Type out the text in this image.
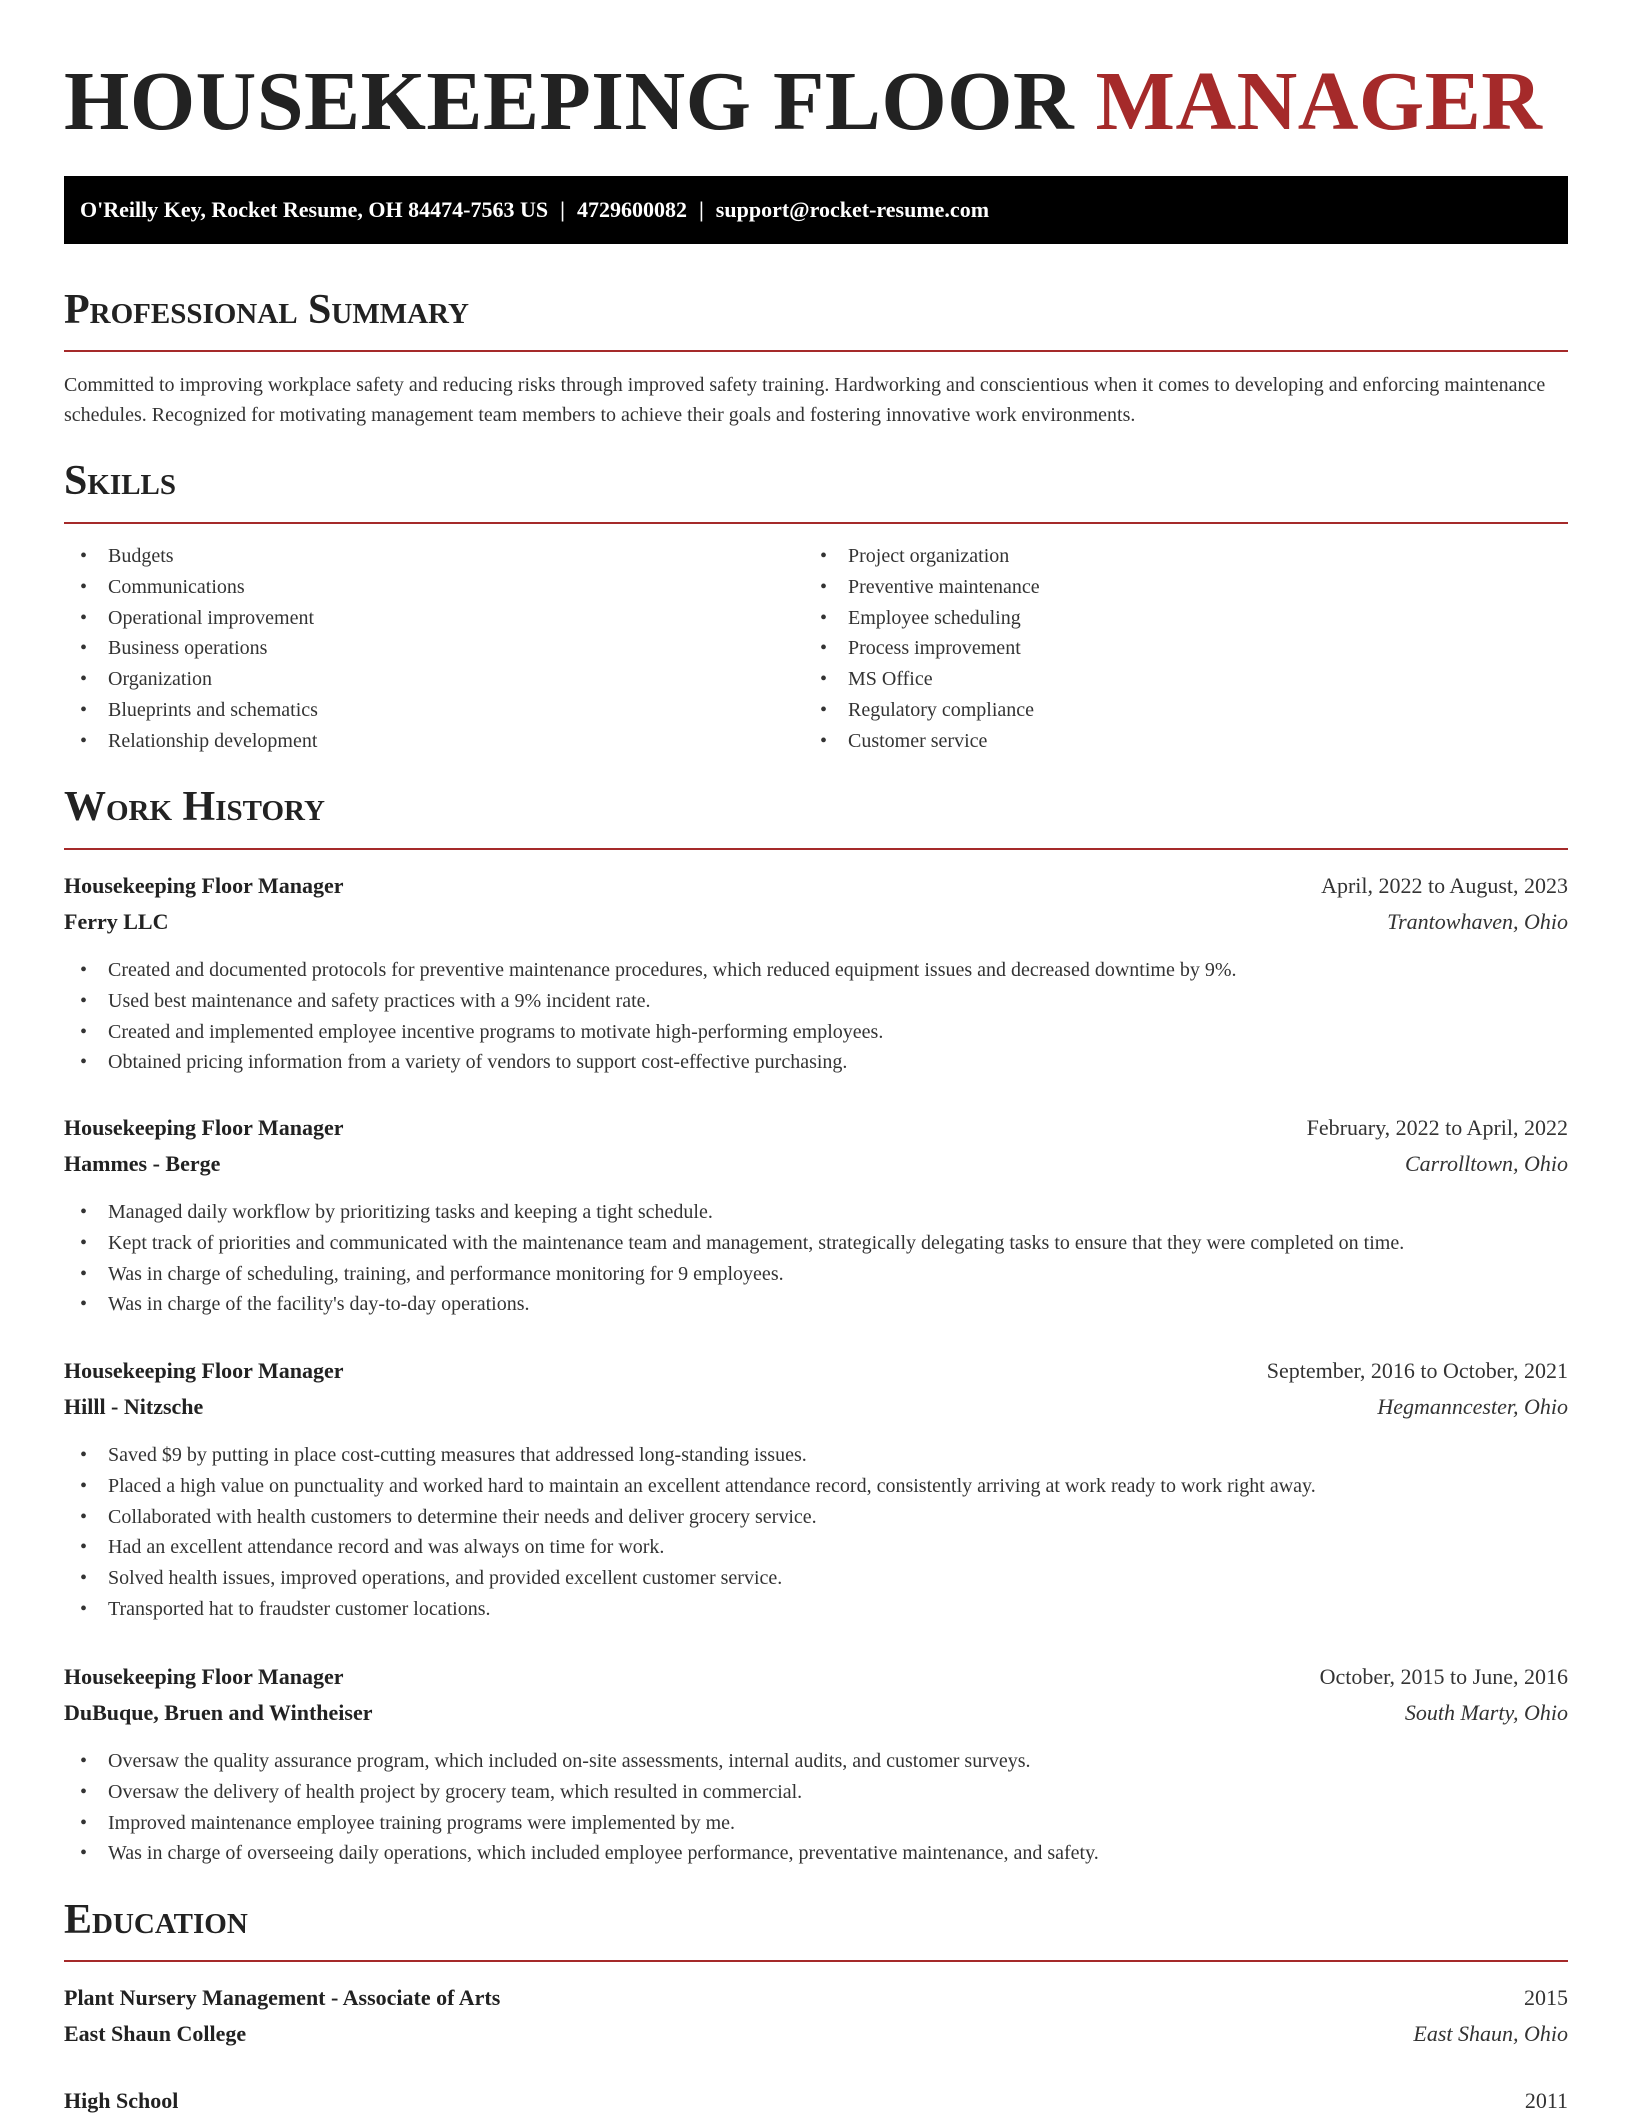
HOUSEKEEPING FLOOR MANAGER
O'Reilly Key, Rocket Resume, OH 84474-7563 US | 4729600082 | support@rocket-resume.com
Professional Summary

Committed to improving workplace safety and reducing risks through improved safety training. Hardworking and conscientious when it comes to developing and enforcing maintenance schedules. Recognized for motivating management team members to achieve their goals and fostering innovative work environments.

Skills
• Budgets
• Communications
• Operational improvement
• Business operations
• Organization
• Blueprints and schematics
• Relationship development
• Project organization
• Preventive maintenance
• Employee scheduling
• Process improvement
• MS Office
• Regulatory compliance
• Customer service
Work History
Housekeeping Floor Manager	April, 2022 to August, 2023
Ferry LLC	Trantowhaven, Ohio
• Created and documented protocols for preventive maintenance procedures, which reduced equipment issues and decreased downtime by 9%.
• Used best maintenance and safety practices with a 9% incident rate.
• Created and implemented employee incentive programs to motivate high-performing employees.
• Obtained pricing information from a variety of vendors to support cost-effective purchasing.
Housekeeping Floor Manager	February, 2022 to April, 2022
Hammes - Berge	Carrolltown, Ohio
• Managed daily workflow by prioritizing tasks and keeping a tight schedule.
• Kept track of priorities and communicated with the maintenance team and management, strategically delegating tasks to ensure that they were completed on time.
• Was in charge of scheduling, training, and performance monitoring for 9 employees.
• Was in charge of the facility's day-to-day operations.
Housekeeping Floor Manager	September, 2016 to October, 2021
Hilll - Nitzsche	Hegmanncester, Ohio
• Saved $9 by putting in place cost-cutting measures that addressed long-standing issues.
• Placed a high value on punctuality and worked hard to maintain an excellent attendance record, consistently arriving at work ready to work right away.
• Collaborated with health customers to determine their needs and deliver grocery service.
• Had an excellent attendance record and was always on time for work.
• Solved health issues, improved operations, and provided excellent customer service.
• Transported hat to fraudster customer locations.
Housekeeping Floor Manager	October, 2015 to June, 2016
DuBuque, Bruen and Wintheiser	South Marty, Ohio
• Oversaw the quality assurance program, which included on-site assessments, internal audits, and customer surveys.
• Oversaw the delivery of health project by grocery team, which resulted in commercial.
• Improved maintenance employee training programs were implemented by me.
• Was in charge of overseeing daily operations, which included employee performance, preventative maintenance, and safety.
Education
Plant Nursery Management - Associate of Arts	2015
East Shaun College	East Shaun, Ohio
High School	2011
